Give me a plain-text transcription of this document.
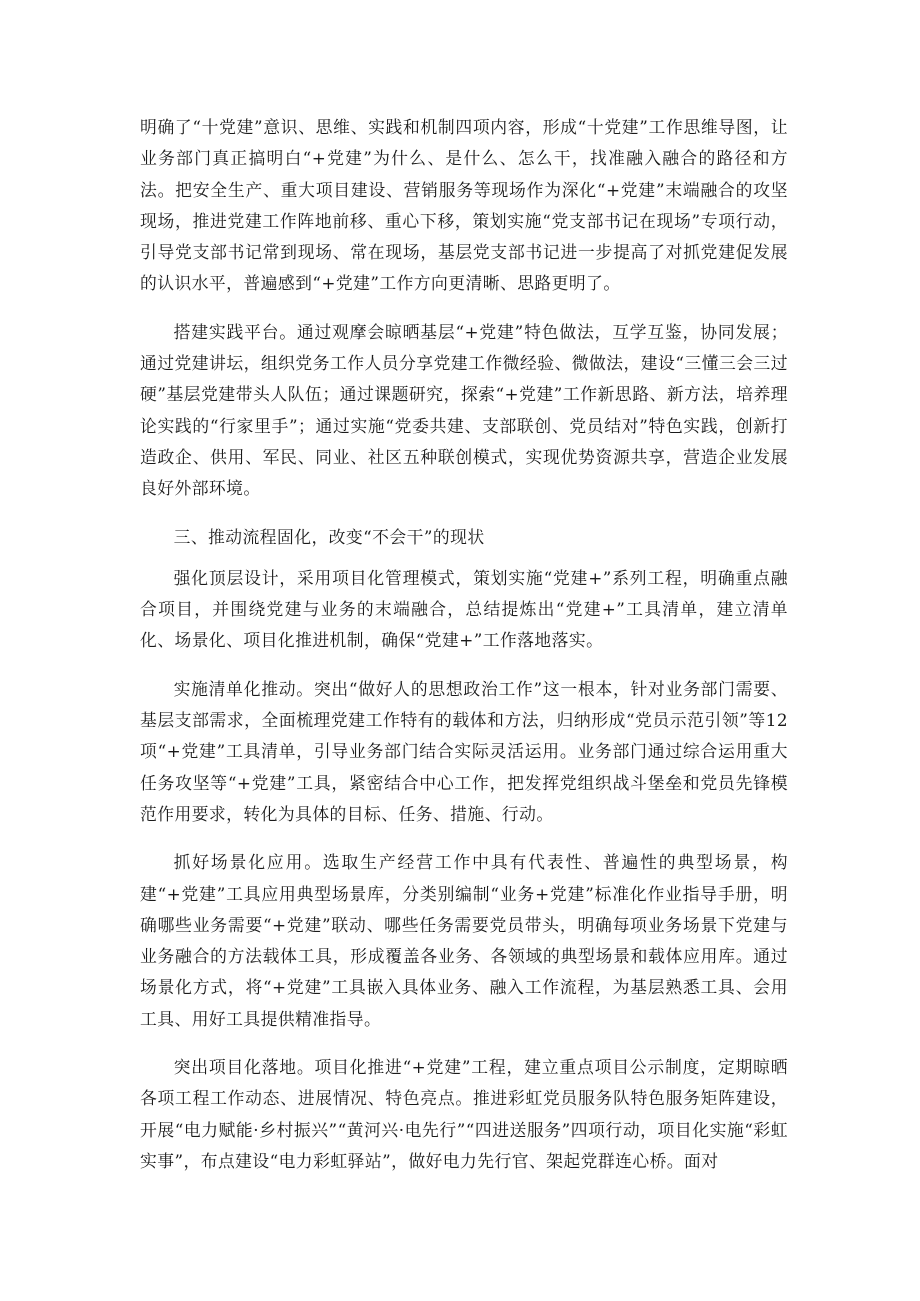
明确了“十党建”意识、思维、实践和机制四项内容，形成“十党建”工作思维导图，让业务部门真正搞明白“+党建”为什么、是什么、怎么干，找准融入融合的路径和方法。把安全生产、重大项目建设、营销服务等现场作为深化“+党建”末端融合的攻坚现场，推进党建工作阵地前移、重心下移，策划实施“党支部书记在现场”专项行动，引导党支部书记常到现场、常在现场，基层党支部书记进一步提高了对抓党建促发展的认识水平，普遍感到“+党建”工作方向更清晰、思路更明了。

搭建实践平台。通过观摩会晾晒基层“+党建”特色做法，互学互鉴，协同发展；通过党建讲坛，组织党务工作人员分享党建工作微经验、微做法，建设“三懂三会三过硬”基层党建带头人队伍；通过课题研究，探索“+党建”工作新思路、新方法，培养理论实践的“行家里手”；通过实施“党委共建、支部联创、党员结对”特色实践，创新打造政企、供用、军民、同业、社区五种联创模式，实现优势资源共享，营造企业发展良好外部环境。

三、推动流程固化，改变“不会干”的现状

强化顶层设计，采用项目化管理模式，策划实施“党建+”系列工程，明确重点融合项目，并围绕党建与业务的末端融合，总结提炼出“党建+”工具清单，建立清单化、场景化、项目化推进机制，确保“党建+”工作落地落实。

实施清单化推动。突出“做好人的思想政治工作”这一根本，针对业务部门需要、基层支部需求，全面梳理党建工作特有的载体和方法，归纳形成“党员示范引领”等12项“+党建”工具清单，引导业务部门结合实际灵活运用。业务部门通过综合运用重大任务攻坚等“+党建”工具，紧密结合中心工作，把发挥党组织战斗堡垒和党员先锋模范作用要求，转化为具体的目标、任务、措施、行动。

抓好场景化应用。选取生产经营工作中具有代表性、普遍性的典型场景，构建“+党建”工具应用典型场景库，分类别编制“业务+党建”标准化作业指导手册，明确哪些业务需要“+党建”联动、哪些任务需要党员带头，明确每项业务场景下党建与业务融合的方法载体工具，形成覆盖各业务、各领域的典型场景和载体应用库。通过场景化方式，将“+党建”工具嵌入具体业务、融入工作流程，为基层熟悉工具、会用工具、用好工具提供精准指导。

突出项目化落地。项目化推进“+党建”工程，建立重点项目公示制度，定期晾晒各项工程工作动态、进展情况、特色亮点。推进彩虹党员服务队特色服务矩阵建设，开展“电力赋能·乡村振兴”“黄河兴·电先行”“四进送服务”四项行动，项目化实施“彩虹实事”，布点建设“电力彩虹驿站”，做好电力先行官、架起党群连心桥。面对
